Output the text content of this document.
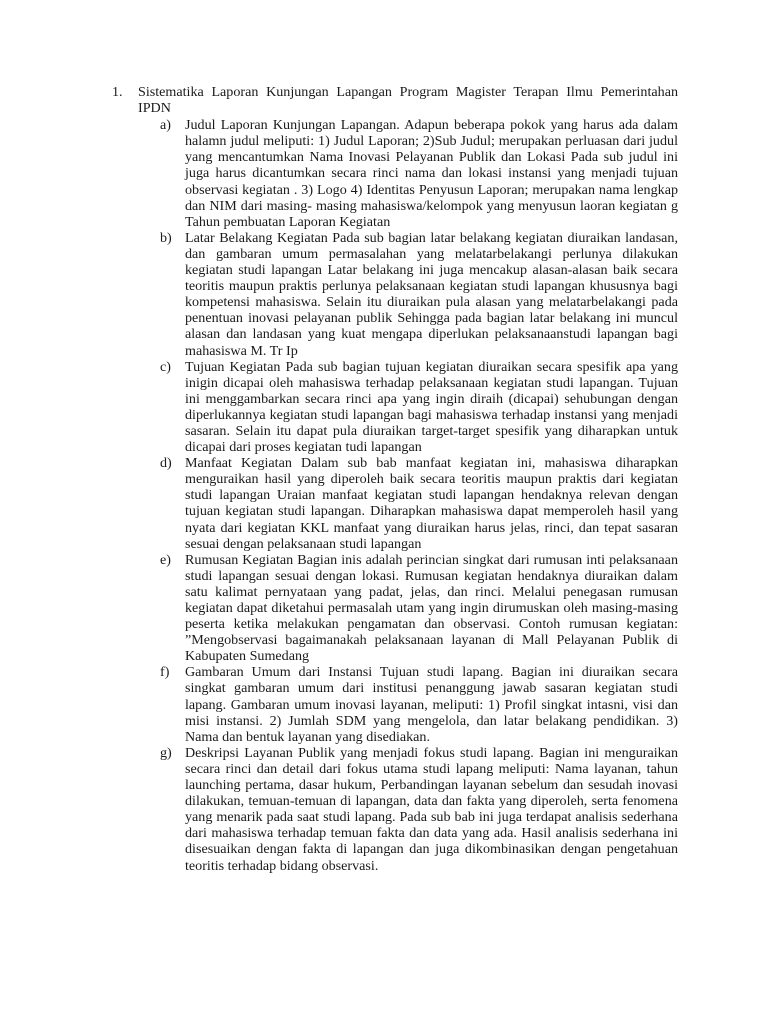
1.	Sistematika Laporan Kunjungan Lapangan Program Magister Terapan Ilmu Pemerintahan IPDN
a) Judul Laporan Kunjungan Lapangan. Adapun beberapa pokok yang harus ada dalam halamn judul meliputi: 1) Judul Laporan; 2)Sub Judul; merupakan perluasan dari judul yang mencantumkan Nama Inovasi Pelayanan Publik dan Lokasi Pada sub judul ini juga harus dicantumkan secara rinci nama dan lokasi instansi yang menjadi tujuan observasi kegiatan . 3) Logo 4) Identitas Penyusun Laporan; merupakan nama lengkap dan NIM dari masing- masing mahasiswa/kelompok yang menyusun laoran kegiatan g Tahun pembuatan Laporan Kegiatan
b) Latar Belakang Kegiatan Pada sub bagian latar belakang kegiatan diuraikan landasan, dan gambaran umum permasalahan yang melatarbelakangi perlunya dilakukan kegiatan studi lapangan Latar belakang ini juga mencakup alasan-alasan baik secara teoritis maupun praktis perlunya pelaksanaan kegiatan studi lapangan khususnya bagi kompetensi mahasiswa. Selain itu diuraikan pula alasan yang melatarbelakangi pada penentuan inovasi pelayanan publik Sehingga pada bagian latar belakang ini muncul alasan dan landasan yang kuat mengapa diperlukan pelaksanaanstudi lapangan bagi mahasiswa M. Tr Ip
c) Tujuan Kegiatan Pada sub bagian tujuan kegiatan diuraikan secara spesifik apa yang inigin dicapai oleh mahasiswa terhadap pelaksanaan kegiatan studi lapangan. Tujuan ini menggambarkan secara rinci apa yang ingin diraih (dicapai) sehubungan dengan diperlukannya kegiatan studi lapangan bagi mahasiswa terhadap instansi yang menjadi sasaran. Selain itu dapat pula diuraikan target-target spesifik yang diharapkan untuk dicapai dari proses kegiatan tudi lapangan
d) Manfaat Kegiatan Dalam sub bab manfaat kegiatan ini, mahasiswa diharapkan menguraikan hasil yang diperoleh baik secara teoritis maupun praktis dari kegiatan studi lapangan Uraian manfaat kegiatan studi lapangan hendaknya relevan dengan tujuan kegiatan studi lapangan. Diharapkan mahasiswa dapat memperoleh hasil yang nyata dari kegiatan KKL manfaat yang diuraikan harus jelas, rinci, dan tepat sasaran sesuai dengan pelaksanaan studi lapangan
e) Rumusan Kegiatan Bagian inis adalah perincian singkat dari rumusan inti pelaksanaan studi lapangan sesuai dengan lokasi. Rumusan kegiatan hendaknya diuraikan dalam satu kalimat pernyataan yang padat, jelas, dan rinci. Melalui penegasan rumusan kegiatan dapat diketahui permasalah utam yang ingin dirumuskan oleh masing-masing peserta ketika melakukan pengamatan dan observasi. Contoh rumusan kegiatan: ”Mengobservasi bagaimanakah pelaksanaan layanan di Mall Pelayanan Publik di Kabupaten Sumedang
f)	Gambaran Umum dari Instansi Tujuan studi lapang. Bagian ini diuraikan secara singkat gambaran umum dari institusi penanggung jawab sasaran kegiatan studi lapang. Gambaran umum inovasi layanan, meliputi: 1) Profil singkat intasni, visi dan misi instansi. 2) Jumlah SDM yang mengelola, dan latar belakang pendidikan. 3) Nama dan bentuk layanan yang disediakan.
g) Deskripsi Layanan Publik yang menjadi fokus studi lapang. Bagian ini menguraikan secara rinci dan detail dari fokus utama studi lapang meliputi: Nama layanan, tahun launching pertama, dasar hukum, Perbandingan layanan sebelum dan sesudah inovasi dilakukan, temuan-temuan di lapangan, data dan fakta yang diperoleh, serta fenomena yang menarik pada saat studi lapang. Pada sub bab ini juga terdapat analisis sederhana dari mahasiswa terhadap temuan fakta dan data yang ada. Hasil analisis sederhana ini disesuaikan dengan fakta di lapangan dan juga dikombinasikan dengan pengetahuan teoritis terhadap bidang observasi.
